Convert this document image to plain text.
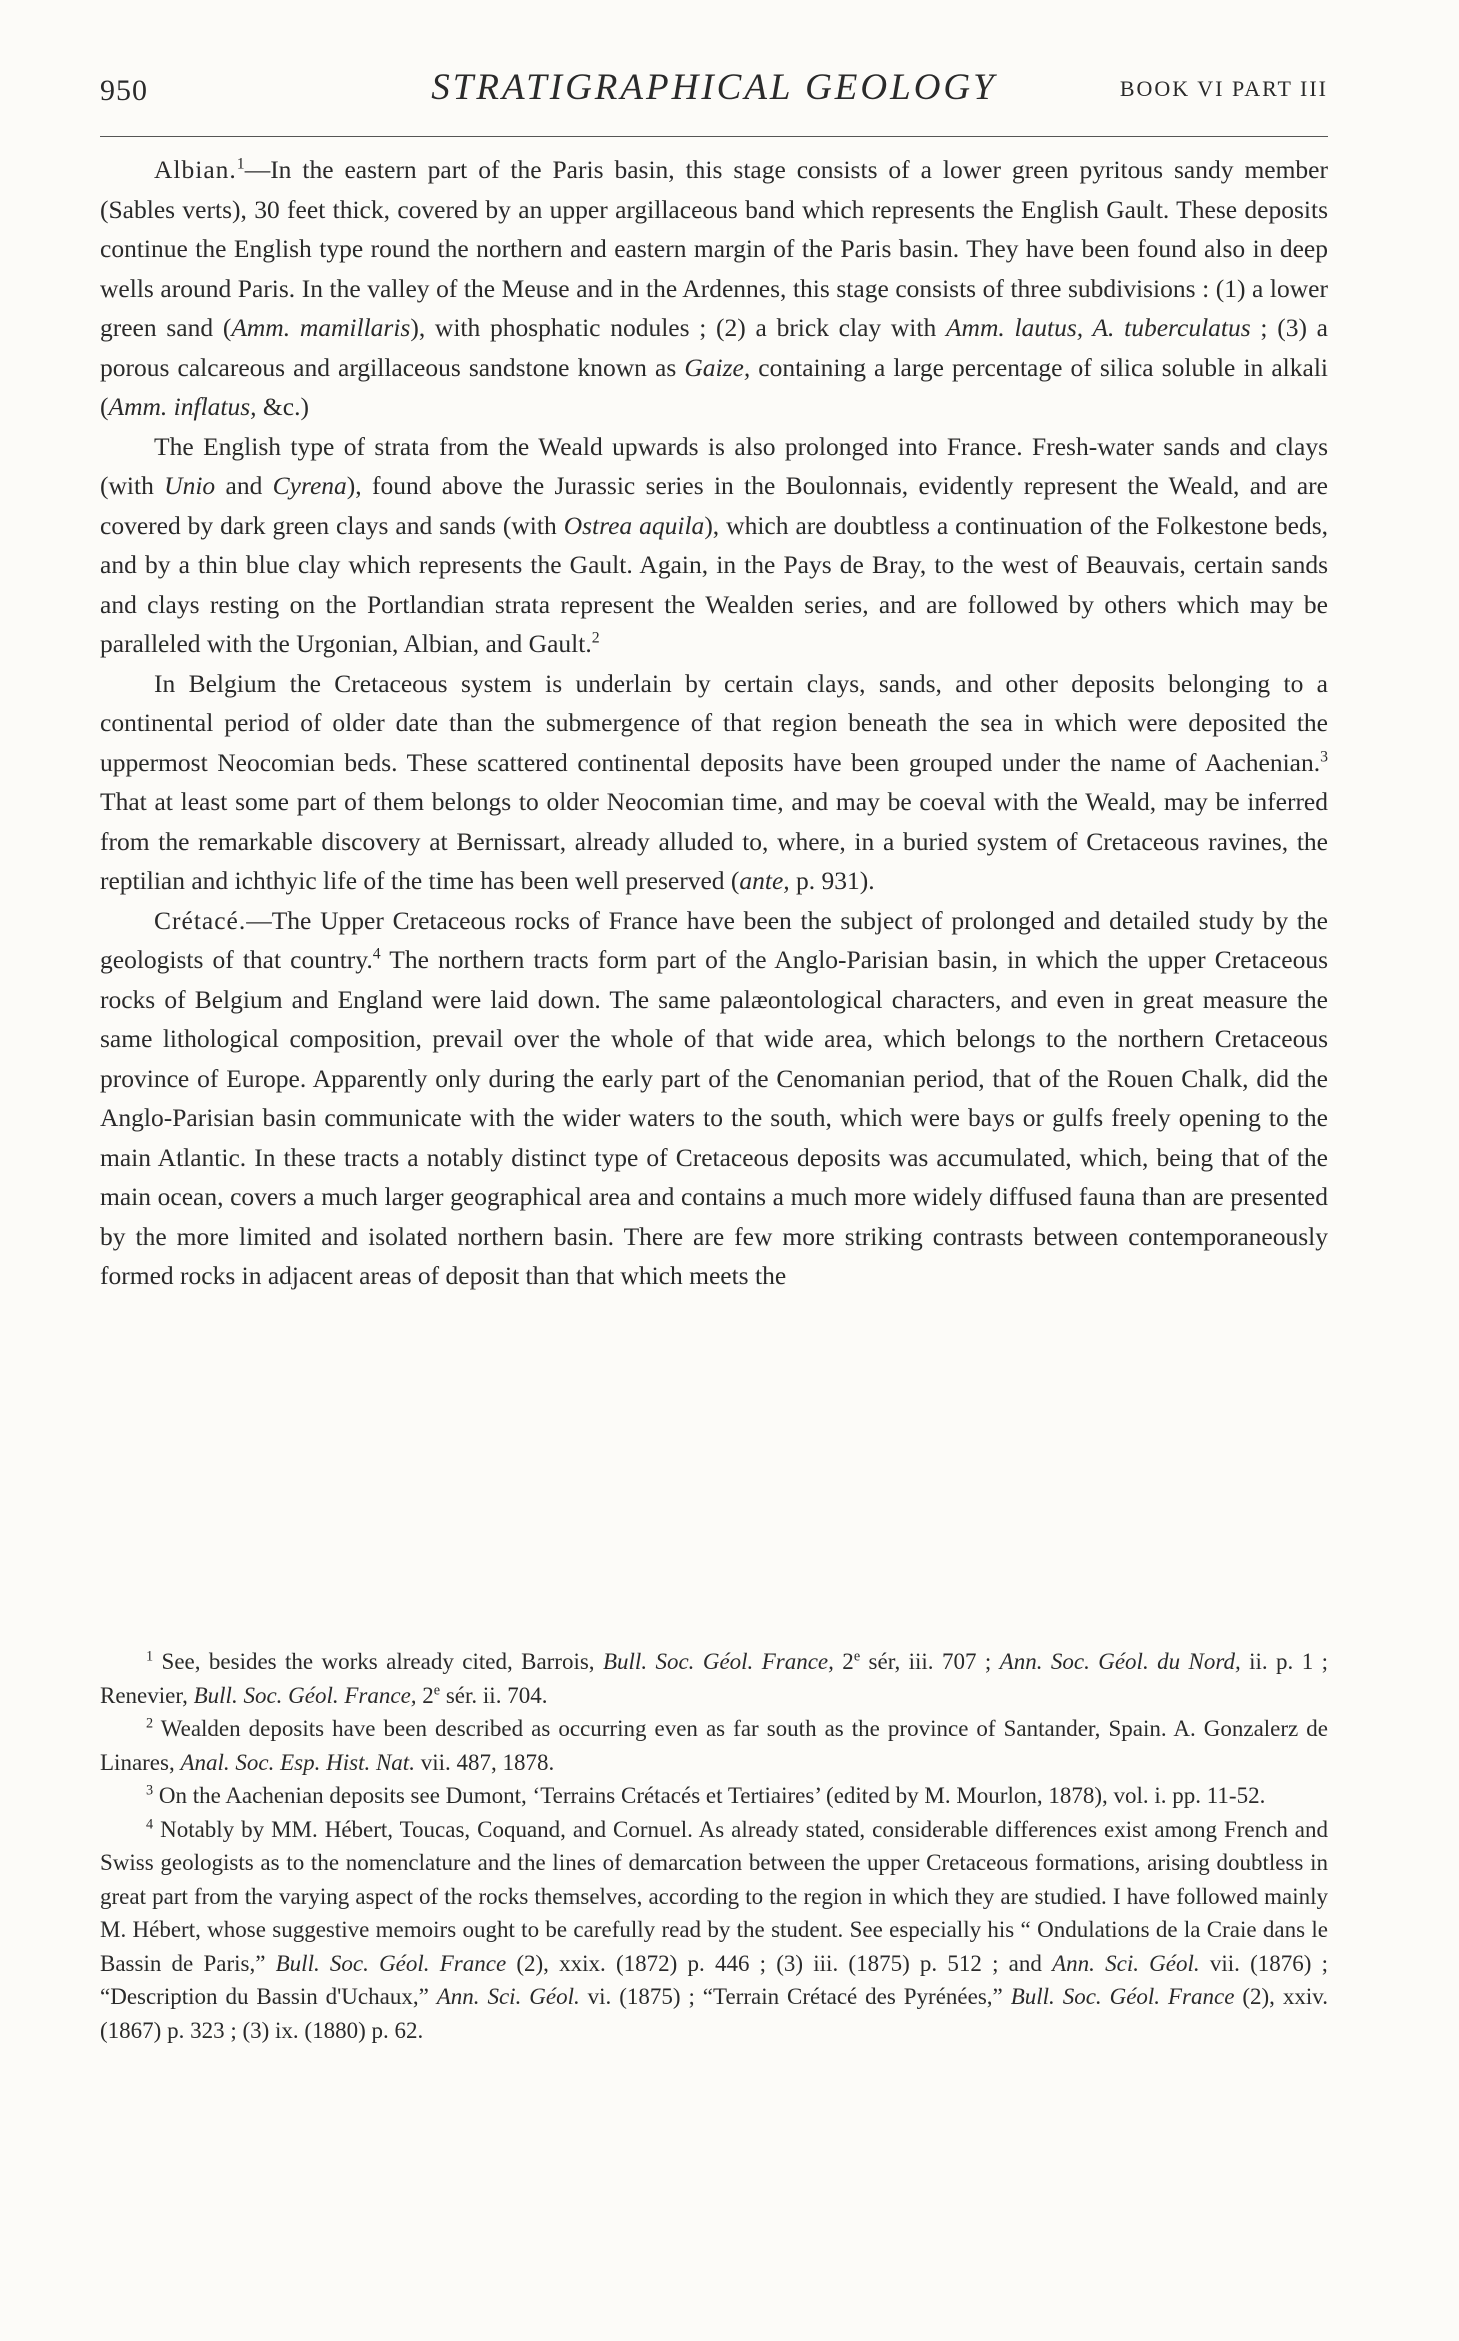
950	STRATIGRAPHICAL GEOLOGY	BOOK VI PART III

Albian.$^1$—In the eastern part of the Paris basin, this stage consists of a lower green pyritous sandy member (Sables verts), 30 feet thick, covered by an upper argillaceous band which represents the English Gault. These deposits continue the English type round the northern and eastern margin of the Paris basin. They have been found also in deep wells around Paris. In the valley of the Meuse and in the Ardennes, this stage consists of three subdivisions : (1) a lower green sand (Amm. mamillaris), with phosphatic nodules ; (2) a brick clay with Amm. lautus, A. tuberculatus ; (3) a porous calcareous and argillaceous sandstone known as Gaize, containing a large percentage of silica soluble in alkali (Amm. inflatus, &c.)

The English type of strata from the Weald upwards is also prolonged into France. Fresh-water sands and clays (with Unio and Cyrena), found above the Jurassic series in the Boulonnais, evidently represent the Weald, and are covered by dark green clays and sands (with Ostrea aquila), which are doubtless a continuation of the Folkestone beds, and by a thin blue clay which represents the Gault. Again, in the Pays de Bray, to the west of Beauvais, certain sands and clays resting on the Portlandian strata represent the Wealden series, and are followed by others which may be paralleled with the Urgonian, Albian, and Gault.$^2$

In Belgium the Cretaceous system is underlain by certain clays, sands, and other deposits belonging to a continental period of older date than the submergence of that region beneath the sea in which were deposited the uppermost Neocomian beds. These scattered continental deposits have been grouped under the name of Aachenian.$^3$ That at least some part of them belongs to older Neocomian time, and may be coeval with the Weald, may be inferred from the remarkable discovery at Bernissart, already alluded to, where, in a buried system of Cretaceous ravines, the reptilian and ichthyic life of the time has been well preserved (ante, p. 931).

Crétacé.—The Upper Cretaceous rocks of France have been the subject of prolonged and detailed study by the geologists of that country.$^4$ The northern tracts form part of the Anglo-Parisian basin, in which the upper Cretaceous rocks of Belgium and England were laid down. The same palæontological characters, and even in great measure the same lithological composition, prevail over the whole of that wide area, which belongs to the northern Cretaceous province of Europe. Apparently only during the early part of the Cenomanian period, that of the Rouen Chalk, did the Anglo-Parisian basin communicate with the wider waters to the south, which were bays or gulfs freely opening to the main Atlantic. In these tracts a notably distinct type of Cretaceous deposits was accumulated, which, being that of the main ocean, covers a much larger geographical area and contains a much more widely diffused fauna than are presented by the more limited and isolated northern basin. There are few more striking contrasts between contemporaneously formed rocks in adjacent areas of deposit than that which meets the

$^1$ See, besides the works already cited, Barrois, Bull. Soc. Géol. France, 2e sér, iii. 707 ; Ann. Soc. Géol. du Nord, ii. p. 1 ; Renevier, Bull. Soc. Géol. France, 2e sér. ii. 704.

$^2$ Wealden deposits have been described as occurring even as far south as the province of Santander, Spain. A. Gonzalerz de Linares, Anal. Soc. Esp. Hist. Nat. vii. 487, 1878.

$^3$ On the Aachenian deposits see Dumont, ‘Terrains Crétacés et Tertiaires’ (edited by M. Mourlon, 1878), vol. i. pp. 11-52.

$^4$ Notably by MM. Hébert, Toucas, Coquand, and Cornuel. As already stated, considerable differences exist among French and Swiss geologists as to the nomenclature and the lines of demarcation between the upper Cretaceous formations, arising doubtless in great part from the varying aspect of the rocks themselves, according to the region in which they are studied. I have followed mainly M. Hébert, whose suggestive memoirs ought to be carefully read by the student. See especially his “ Ondulations de la Craie dans le Bassin de Paris,” Bull. Soc. Géol. France (2), xxix. (1872) p. 446 ; (3) iii. (1875) p. 512 ; and Ann. Sci. Géol. vii. (1876) ; “Description du Bassin d'Uchaux,” Ann. Sci. Géol. vi. (1875) ; “Terrain Crétacé des Pyrénées,” Bull. Soc. Géol. France (2), xxiv. (1867) p. 323 ; (3) ix. (1880) p. 62.
